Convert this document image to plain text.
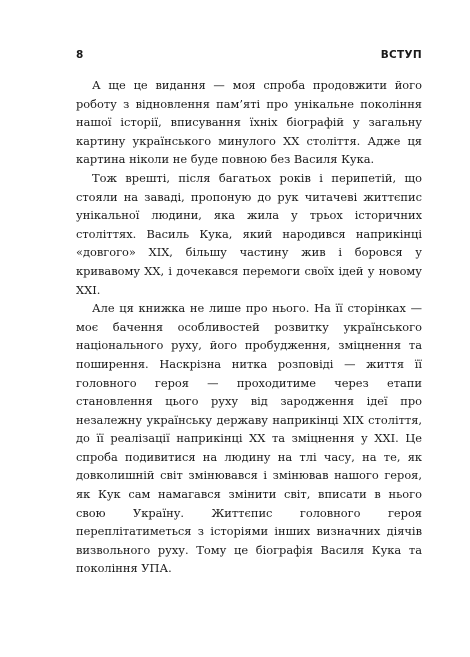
8	ВСТУП

А ще це видання — моя спроба продовжити його роботу з відновлення пам’яті про унікальне покоління нашої історії, вписування їхніх біографій у загальну картину українського минулого ХХ століття. Адже ця картина ніколи не буде повною без Василя Кука.

Тож врешті, після багатьох років і перипетій, що стояли на заваді, пропоную до рук читачеві життєпис унікальної людини, яка жила у трьох історичних століттях. Василь Кука, який народився наприкінці «довгого» ХІХ, більшу частину жив і боровся у кривавому ХХ, і дочекався перемоги своїх ідей у новому ХХІ.

Але ця книжка не лише про нього. На її сторінках — моє бачення особливостей розвитку українського національного руху, його пробудження, зміцнення та поширення. Наскрізна нитка розповіді — життя її головного героя — проходитиме через етапи становлення цього руху від зародження ідеї про незалежну українську державу наприкінці ХІХ століття, до її реалізації наприкінці ХХ та зміцнення у ХХІ. Це спроба подивитися на людину на тлі часу, на те, як довколишній світ змінювався і змінював нашого героя, як Кук сам намагався змінити світ, вписати в нього свою Україну. Життєпис головного героя переплітатиметься з історіями інших визначних діячів визвольного руху. Тому це біографія Василя Кука та покоління УПА.
